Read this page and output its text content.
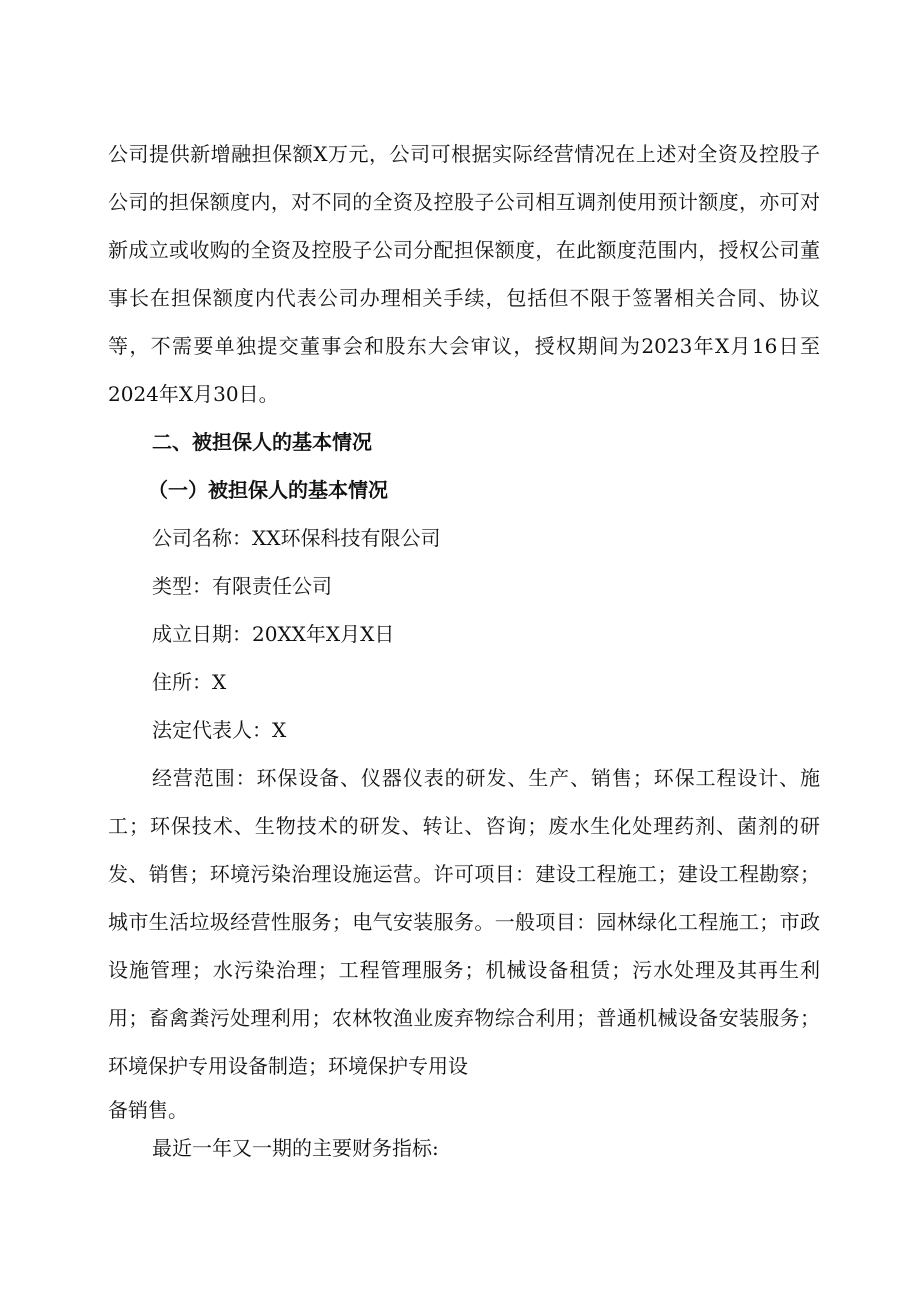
公司提供新增融担保额X万元，公司可根据实际经营情况在上述对全资及控股子公司的担保额度内，对不同的全资及控股子公司相互调剂使用预计额度，亦可对新成立或收购的全资及控股子公司分配担保额度，在此额度范围内，授权公司董事长在担保额度内代表公司办理相关手续，包括但不限于签署相关合同、协议等，不需要单独提交董事会和股东大会审议，授权期间为2023年X月16日至2024年X月30日。

二、被担保人的基本情况

（一）被担保人的基本情况

公司名称：XX环保科技有限公司

类型：有限责任公司

成立日期：20XX年X月X日

住所：X

法定代表人：X

经营范围：环保设备、仪器仪表的研发、生产、销售；环保工程设计、施工；环保技术、生物技术的研发、转让、咨询；废水生化处理药剂、菌剂的研发、销售；环境污染治理设施运营。许可项目：建设工程施工；建设工程勘察；城市生活垃圾经营性服务；电气安装服务。一般项目：园林绿化工程施工；市政设施管理；水污染治理；工程管理服务；机械设备租赁；污水处理及其再生利用；畜禽粪污处理利用；农林牧渔业废弃物综合利用；普通机械设备安装服务；环境保护专用设备制造；环境保护专用设

备销售。

最近一年又一期的主要财务指标:
